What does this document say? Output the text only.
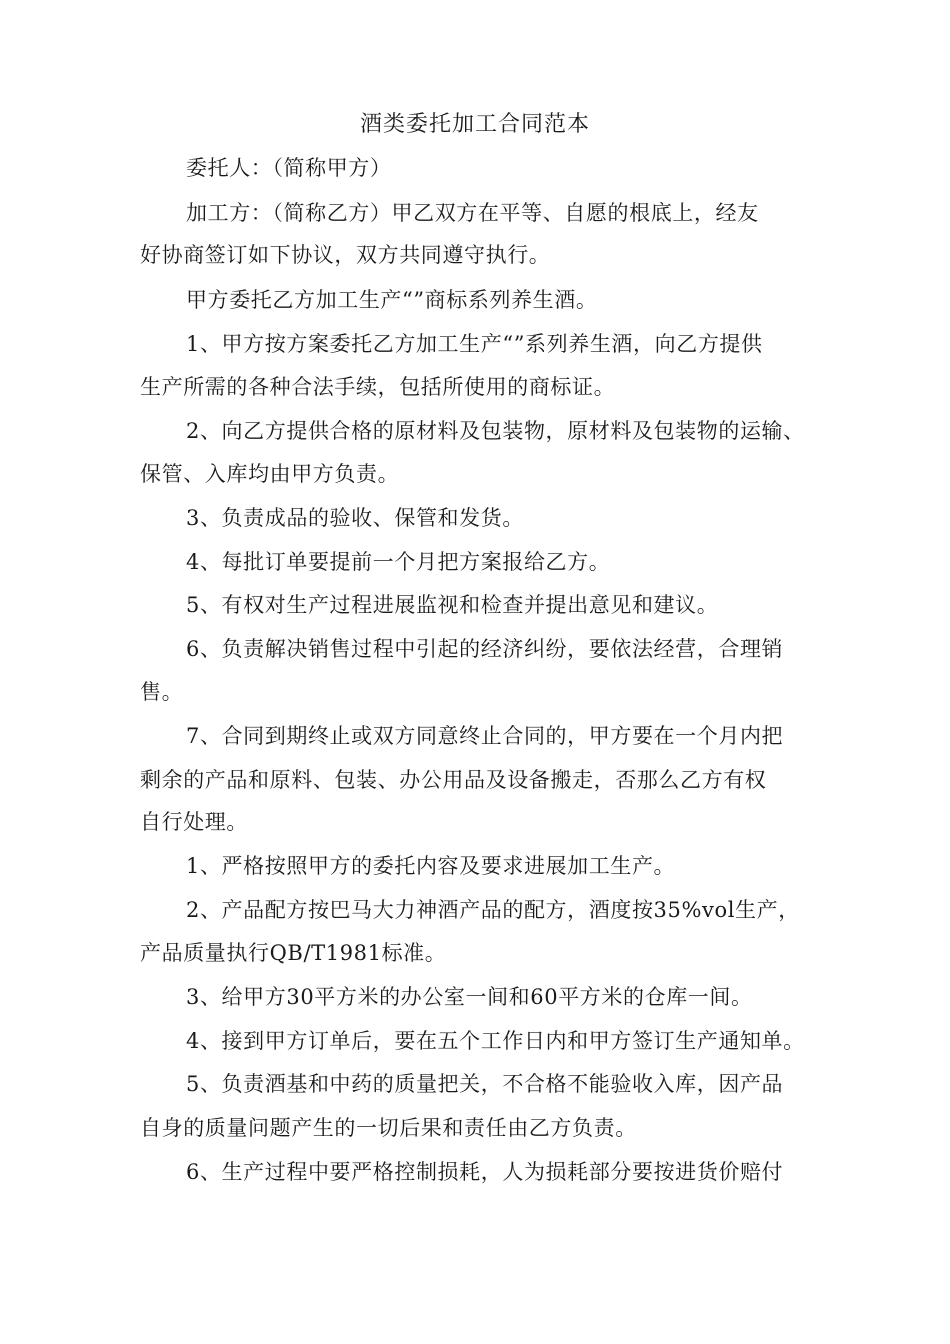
酒类委托加工合同范本
委托人：（简称甲方）
加工方：（简称乙方）甲乙双方在平等、自愿的根底上，经友
好协商签订如下协议，双方共同遵守执行。
甲方委托乙方加工生产“”商标系列养生酒。
1、甲方按方案委托乙方加工生产“”系列养生酒，向乙方提供
生产所需的各种合法手续，包括所使用的商标证。
2、向乙方提供合格的原材料及包装物，原材料及包装物的运输、
保管、入库均由甲方负责。
3、负责成品的验收、保管和发货。
4、每批订单要提前一个月把方案报给乙方。
5、有权对生产过程进展监视和检查并提出意见和建议。
6、负责解决销售过程中引起的经济纠纷，要依法经营，合理销
售。
7、合同到期终止或双方同意终止合同的，甲方要在一个月内把
剩余的产品和原料、包装、办公用品及设备搬走，否那么乙方有权
自行处理。
1、严格按照甲方的委托内容及要求进展加工生产。
2、产品配方按巴马大力神酒产品的配方，酒度按35%vol生产，
产品质量执行QB/T1981标准。
3、给甲方30平方米的办公室一间和60平方米的仓库一间。
4、接到甲方订单后，要在五个工作日内和甲方签订生产通知单。
5、负责酒基和中药的质量把关，不合格不能验收入库，因产品
自身的质量问题产生的一切后果和责任由乙方负责。
6、生产过程中要严格控制损耗，人为损耗部分要按进货价赔付
